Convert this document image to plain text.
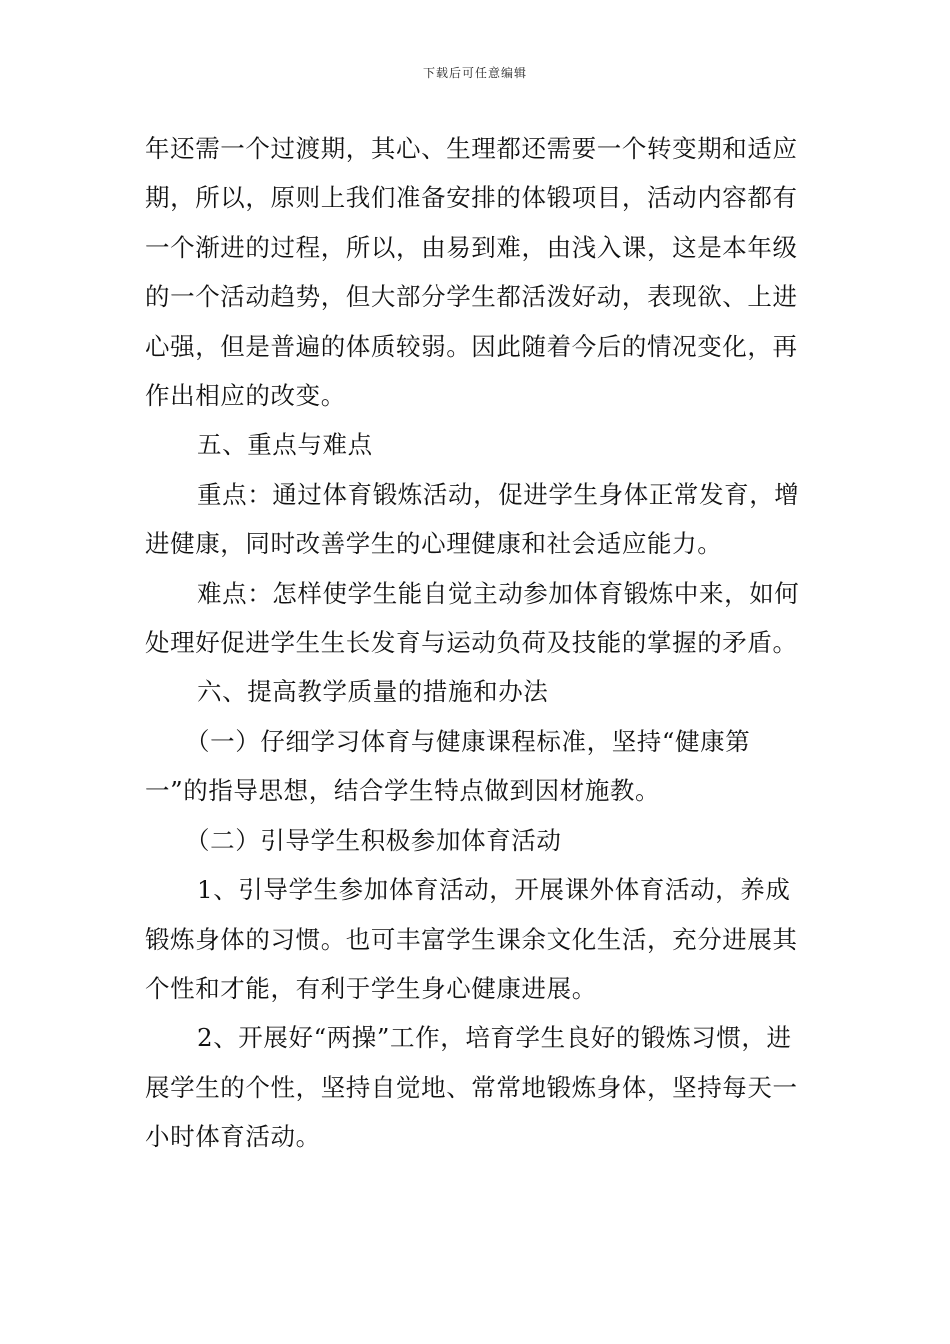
下载后可任意编辑

年还需一个过渡期，其心、生理都还需要一个转变期和适应期，所以，原则上我们准备安排的体锻项目，活动内容都有一个渐进的过程，所以，由易到难，由浅入课，这是本年级的一个活动趋势，但大部分学生都活泼好动，表现欲、上进心强，但是普遍的体质较弱。因此随着今后的情况变化，再作出相应的改变。

五、重点与难点

重点：通过体育锻炼活动，促进学生身体正常发育，增进健康，同时改善学生的心理健康和社会适应能力。

难点：怎样使学生能自觉主动参加体育锻炼中来，如何处理好促进学生生长发育与运动负荷及技能的掌握的矛盾。

六、提高教学质量的措施和办法

（一）仔细学习体育与健康课程标准，坚持“健康第一”的指导思想，结合学生特点做到因材施教。

（二）引导学生积极参加体育活动

1、引导学生参加体育活动，开展课外体育活动，养成锻炼身体的习惯。也可丰富学生课余文化生活，充分进展其个性和才能，有利于学生身心健康进展。

2、开展好“两操”工作，培育学生良好的锻炼习惯，进展学生的个性，坚持自觉地、常常地锻炼身体，坚持每天一小时体育活动。
